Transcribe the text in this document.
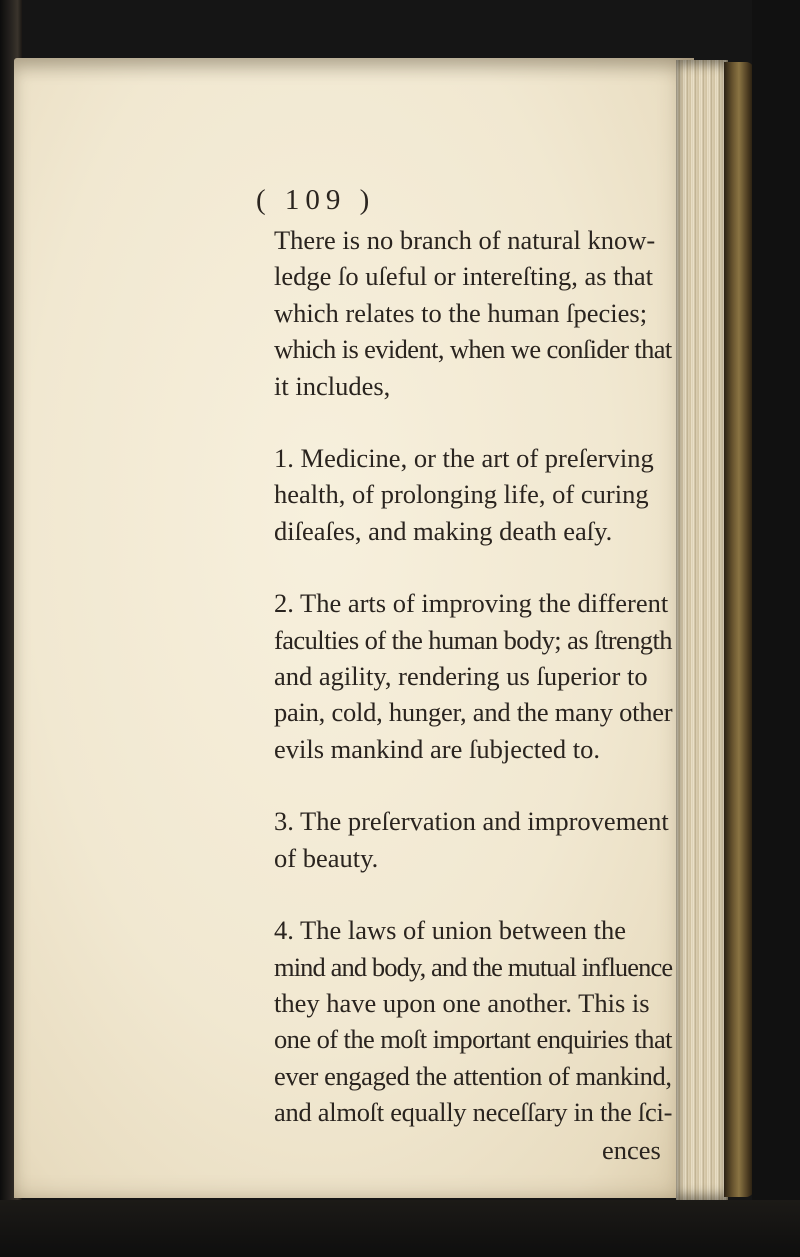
( 109 )

There is no branch of natural know-
ledge ſo uſeful or intereſting, as that
which relates to the human ſpecies;
which is evident, when we conſider that
it includes,

1. Medicine, or the art of preſerving
health, of prolonging life, of curing
diſeaſes, and making death eaſy.

2. The arts of improving the different
faculties of the human body; as ſtrength
and agility, rendering us ſuperior to
pain, cold, hunger, and the many other
evils mankind are ſubjected to.

3. The preſervation and improvement
of beauty.

4. The laws of union between the
mind and body, and the mutual influence
they have upon one another. This is
one of the moſt important enquiries that
ever engaged the attention of mankind,
and almoſt equally neceſſary in the ſci-

ences
